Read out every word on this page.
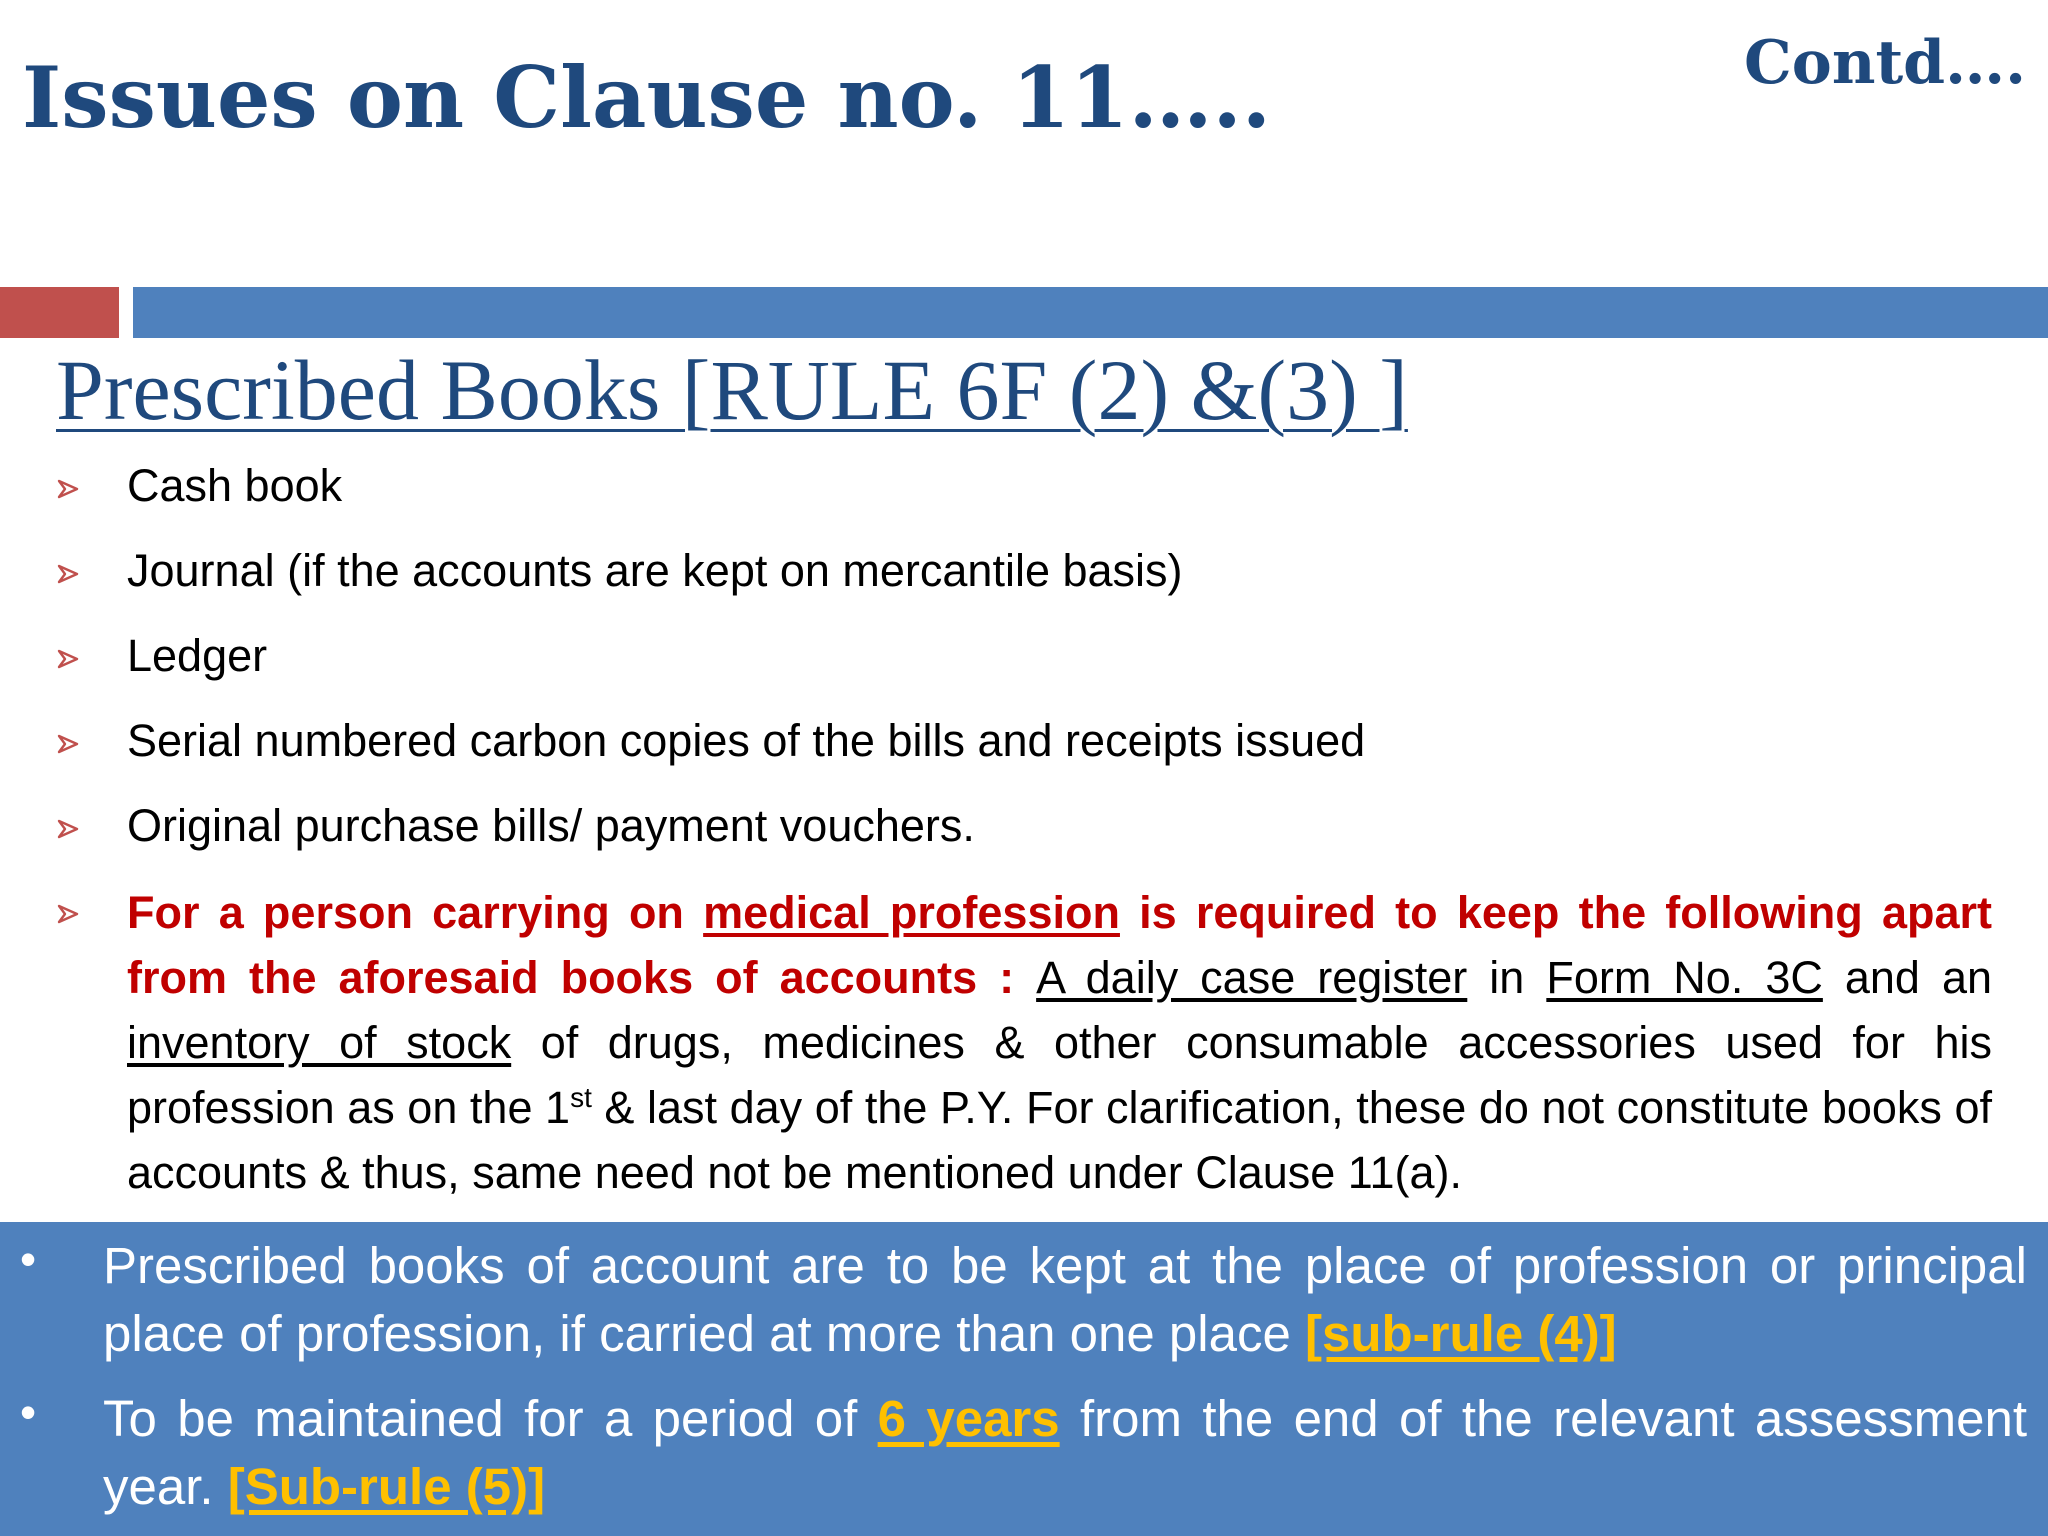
Issues on Clause no. 11…..	Contd….
Prescribed Books [RULE 6F (2) &(3) ]
Cash book
Journal (if the accounts are kept on mercantile basis)
Ledger
Serial numbered carbon copies of the bills and receipts issued
Original purchase bills/ payment vouchers.
For a person carrying on medical profession is required to keep the following apart from the aforesaid books of accounts : A daily case register in Form No. 3C and an inventory of stock of drugs, medicines & other consumable accessories used for his profession as on the 1st & last day of the P.Y. For clarification, these do not constitute books of accounts & thus, same need not be mentioned under Clause 11(a).
• Prescribed books of account are to be kept at the place of profession or principal place of profession, if carried at more than one place [sub-rule (4)]
• To be maintained for a period of 6 years from the end of the relevant assessment year. [Sub-rule (5)]
